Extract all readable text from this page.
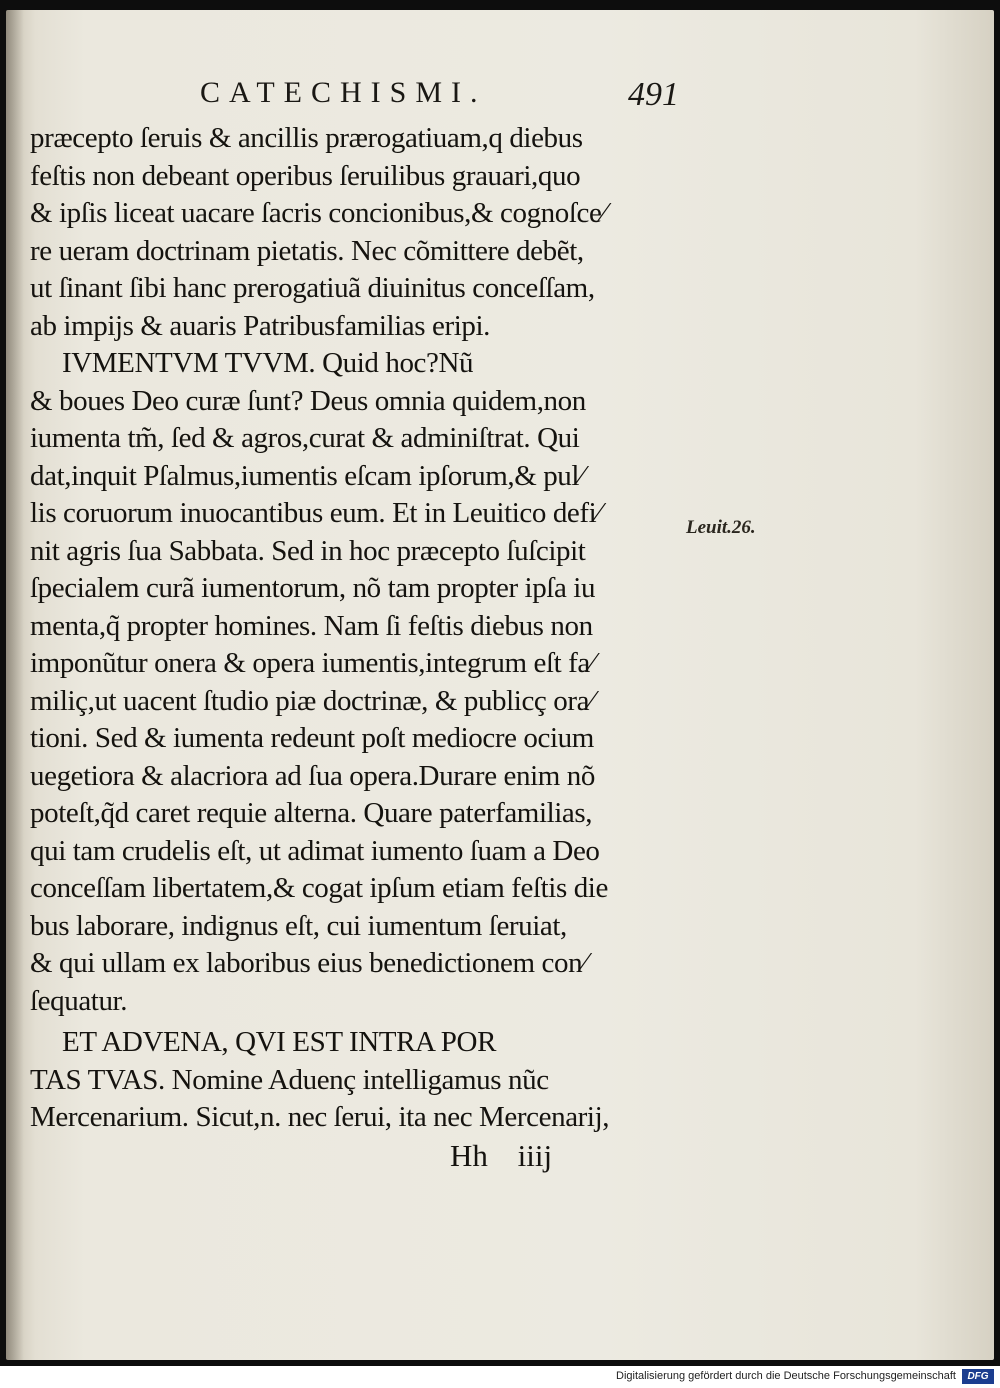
CATECHISMI.	491
præcepto ſeruis & ancillis prærogatiuam,q diebus
feſtis non debeant operibus ſeruilibus grauari,quo
& ipſis liceat uacare ſacris concionibus,& cognoſce⁄
re ueram doctrinam pietatis. Nec cõmittere debẽt,
ut ſinant ſibi hanc prerogatiuã diuinitus conceſſam,
ab impijs & auaris Patribusfamilias eripi.
IVMENTVM TVVM. Quid hoc?Nũ
& boues Deo curæ ſunt? Deus omnia quidem,non
iumenta tm̃, ſed & agros,curat & adminiſtrat. Qui
dat,inquit Pſalmus,iumentis eſcam ipſorum,& pul⁄
lis coruorum inuocantibus eum. Et in Leuitico defi⁄
nit agris ſua Sabbata. Sed in hoc præcepto ſuſcipit
ſpecialem curã iumentorum, nõ tam propter ipſa iu
menta,q̃ propter homines. Nam ſi feſtis diebus non
imponũtur onera & opera iumentis,integrum eſt fa⁄
miliç,ut uacent ſtudio piæ doctrinæ, & publicç ora⁄
tioni. Sed & iumenta redeunt poſt mediocre ocium
uegetiora & alacriora ad ſua opera.Durare enim nõ
poteſt,q̃d caret requie alterna. Quare paterfamilias,
qui tam crudelis eſt, ut adimat iumento ſuam a Deo
conceſſam libertatem,& cogat ipſum etiam feſtis die
bus laborare, indignus eſt, cui iumentum ſeruiat,
& qui ullam ex laboribus eius benedictionem con⁄
ſequatur.
ET ADVENA, QVI EST INTRA POR
TAS TVAS. Nomine Aduenç intelligamus nũc
Mercenarium. Sicut,n. nec ſerui, ita nec Mercenarij,
Leuit.26.
Hh iiij
Digitalisierung gefördert durch die Deutsche Forschungsgemeinschaft	DFG
